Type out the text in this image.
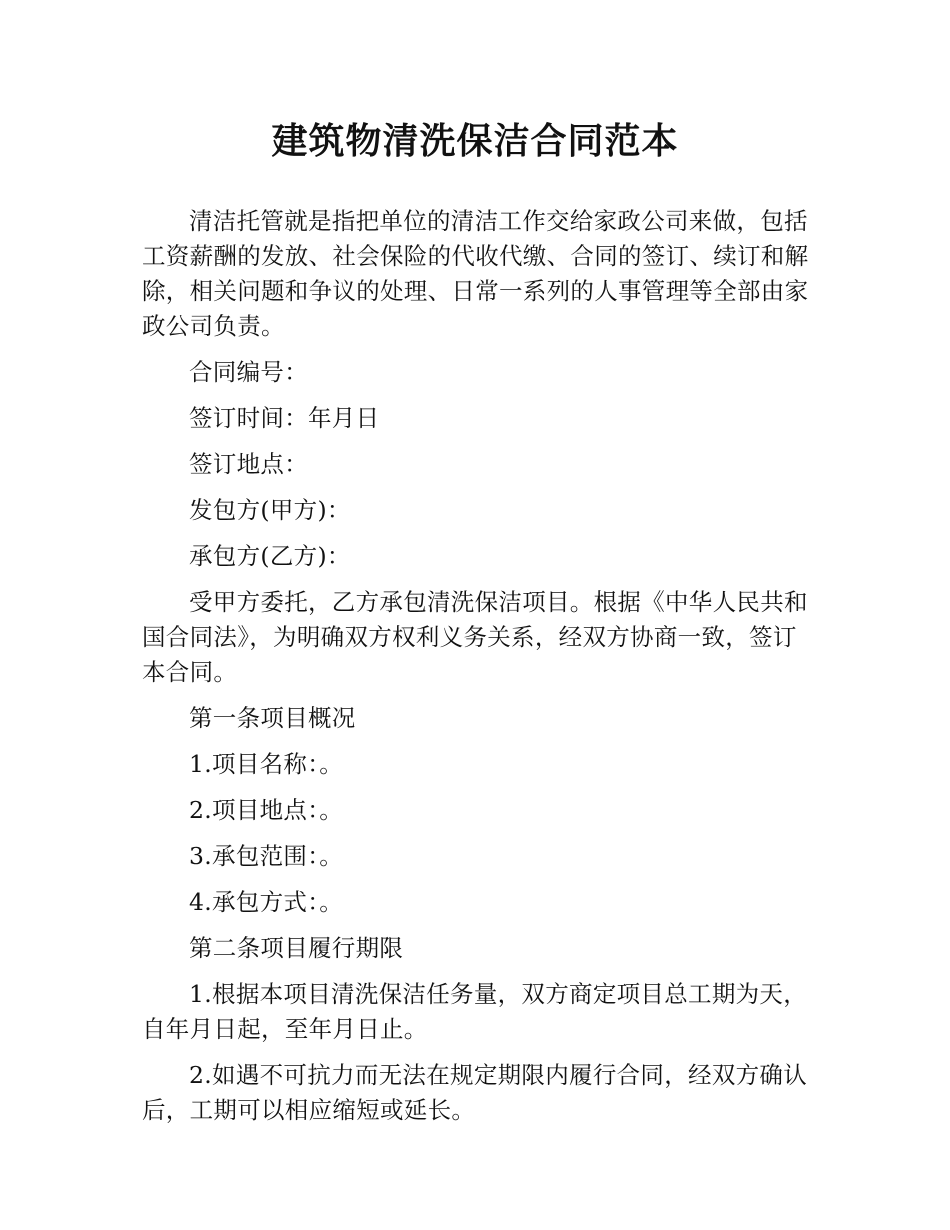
建筑物清洗保洁合同范本

清洁托管就是指把单位的清洁工作交给家政公司来做，包括工资薪酬的发放、社会保险的代收代缴、合同的签订、续订和解除，相关问题和争议的处理、日常一系列的人事管理等全部由家政公司负责。

合同编号：

签订时间：年月日

签订地点：

发包方(甲方)：

承包方(乙方)：

受甲方委托，乙方承包清洗保洁项目。根据《中华人民共和国合同法》，为明确双方权利义务关系，经双方协商一致，签订本合同。

第一条项目概况

1.项目名称：。

2.项目地点：。

3.承包范围：。

4.承包方式：。

第二条项目履行期限

1.根据本项目清洗保洁任务量，双方商定项目总工期为天，自年月日起，至年月日止。

2.如遇不可抗力而无法在规定期限内履行合同，经双方确认后，工期可以相应缩短或延长。
